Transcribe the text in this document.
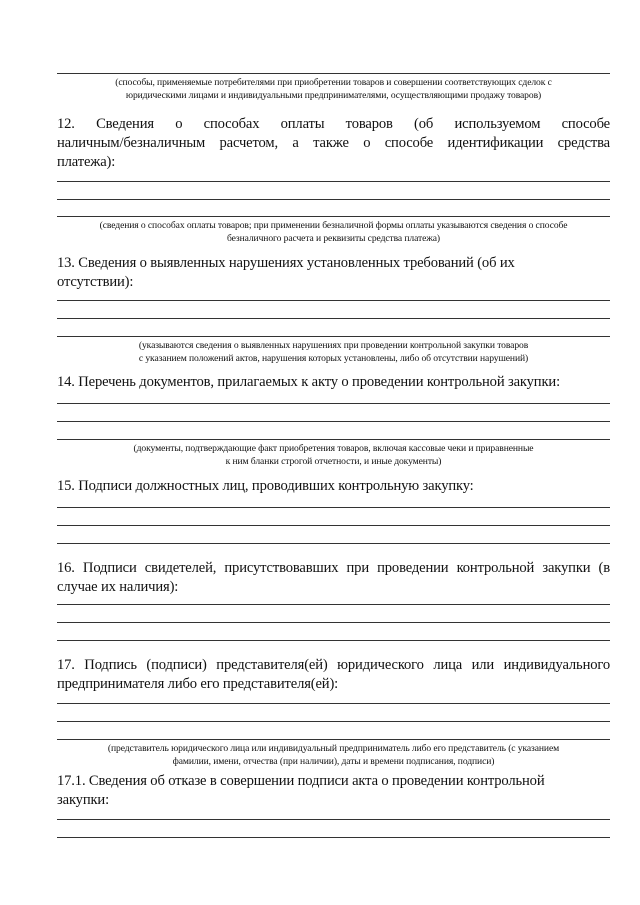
(способы, применяемые потребителями при приобретении товаров и совершении соответствующих сделок с
юридическими лицами и индивидуальными предпринимателями, осуществляющими продажу товаров)
12. Сведения о способах оплаты товаров (об используемом способе
наличным/безналичным расчетом, а также о способе идентификации средства
платежа):
(сведения о способах оплаты товаров; при применении безналичной формы оплаты указываются сведения о способе
безналичного расчета и реквизиты средства платежа)
13. Сведения о выявленных нарушениях установленных требований (об их
отсутствии):
(указываются сведения о выявленных нарушениях при проведении контрольной закупки товаров
с указанием положений актов, нарушения которых установлены, либо об отсутствии нарушений)
14. Перечень документов, прилагаемых к акту о проведении контрольной закупки:
(документы, подтверждающие факт приобретения товаров, включая кассовые чеки и приравненные
к ним бланки строгой отчетности, и иные документы)
15. Подписи должностных лиц, проводивших контрольную закупку:
16. Подписи свидетелей, присутствовавших при проведении контрольной закупки (в
случае их наличия):
17. Подпись (подписи) представителя(ей) юридического лица или индивидуального
предпринимателя либо его представителя(ей):
(представитель юридического лица или индивидуальный предприниматель либо его представитель (с указанием
фамилии, имени, отчества (при наличии), даты и времени подписания, подписи)
17.1. Сведения об отказе в совершении подписи акта о проведении контрольной
закупки:
